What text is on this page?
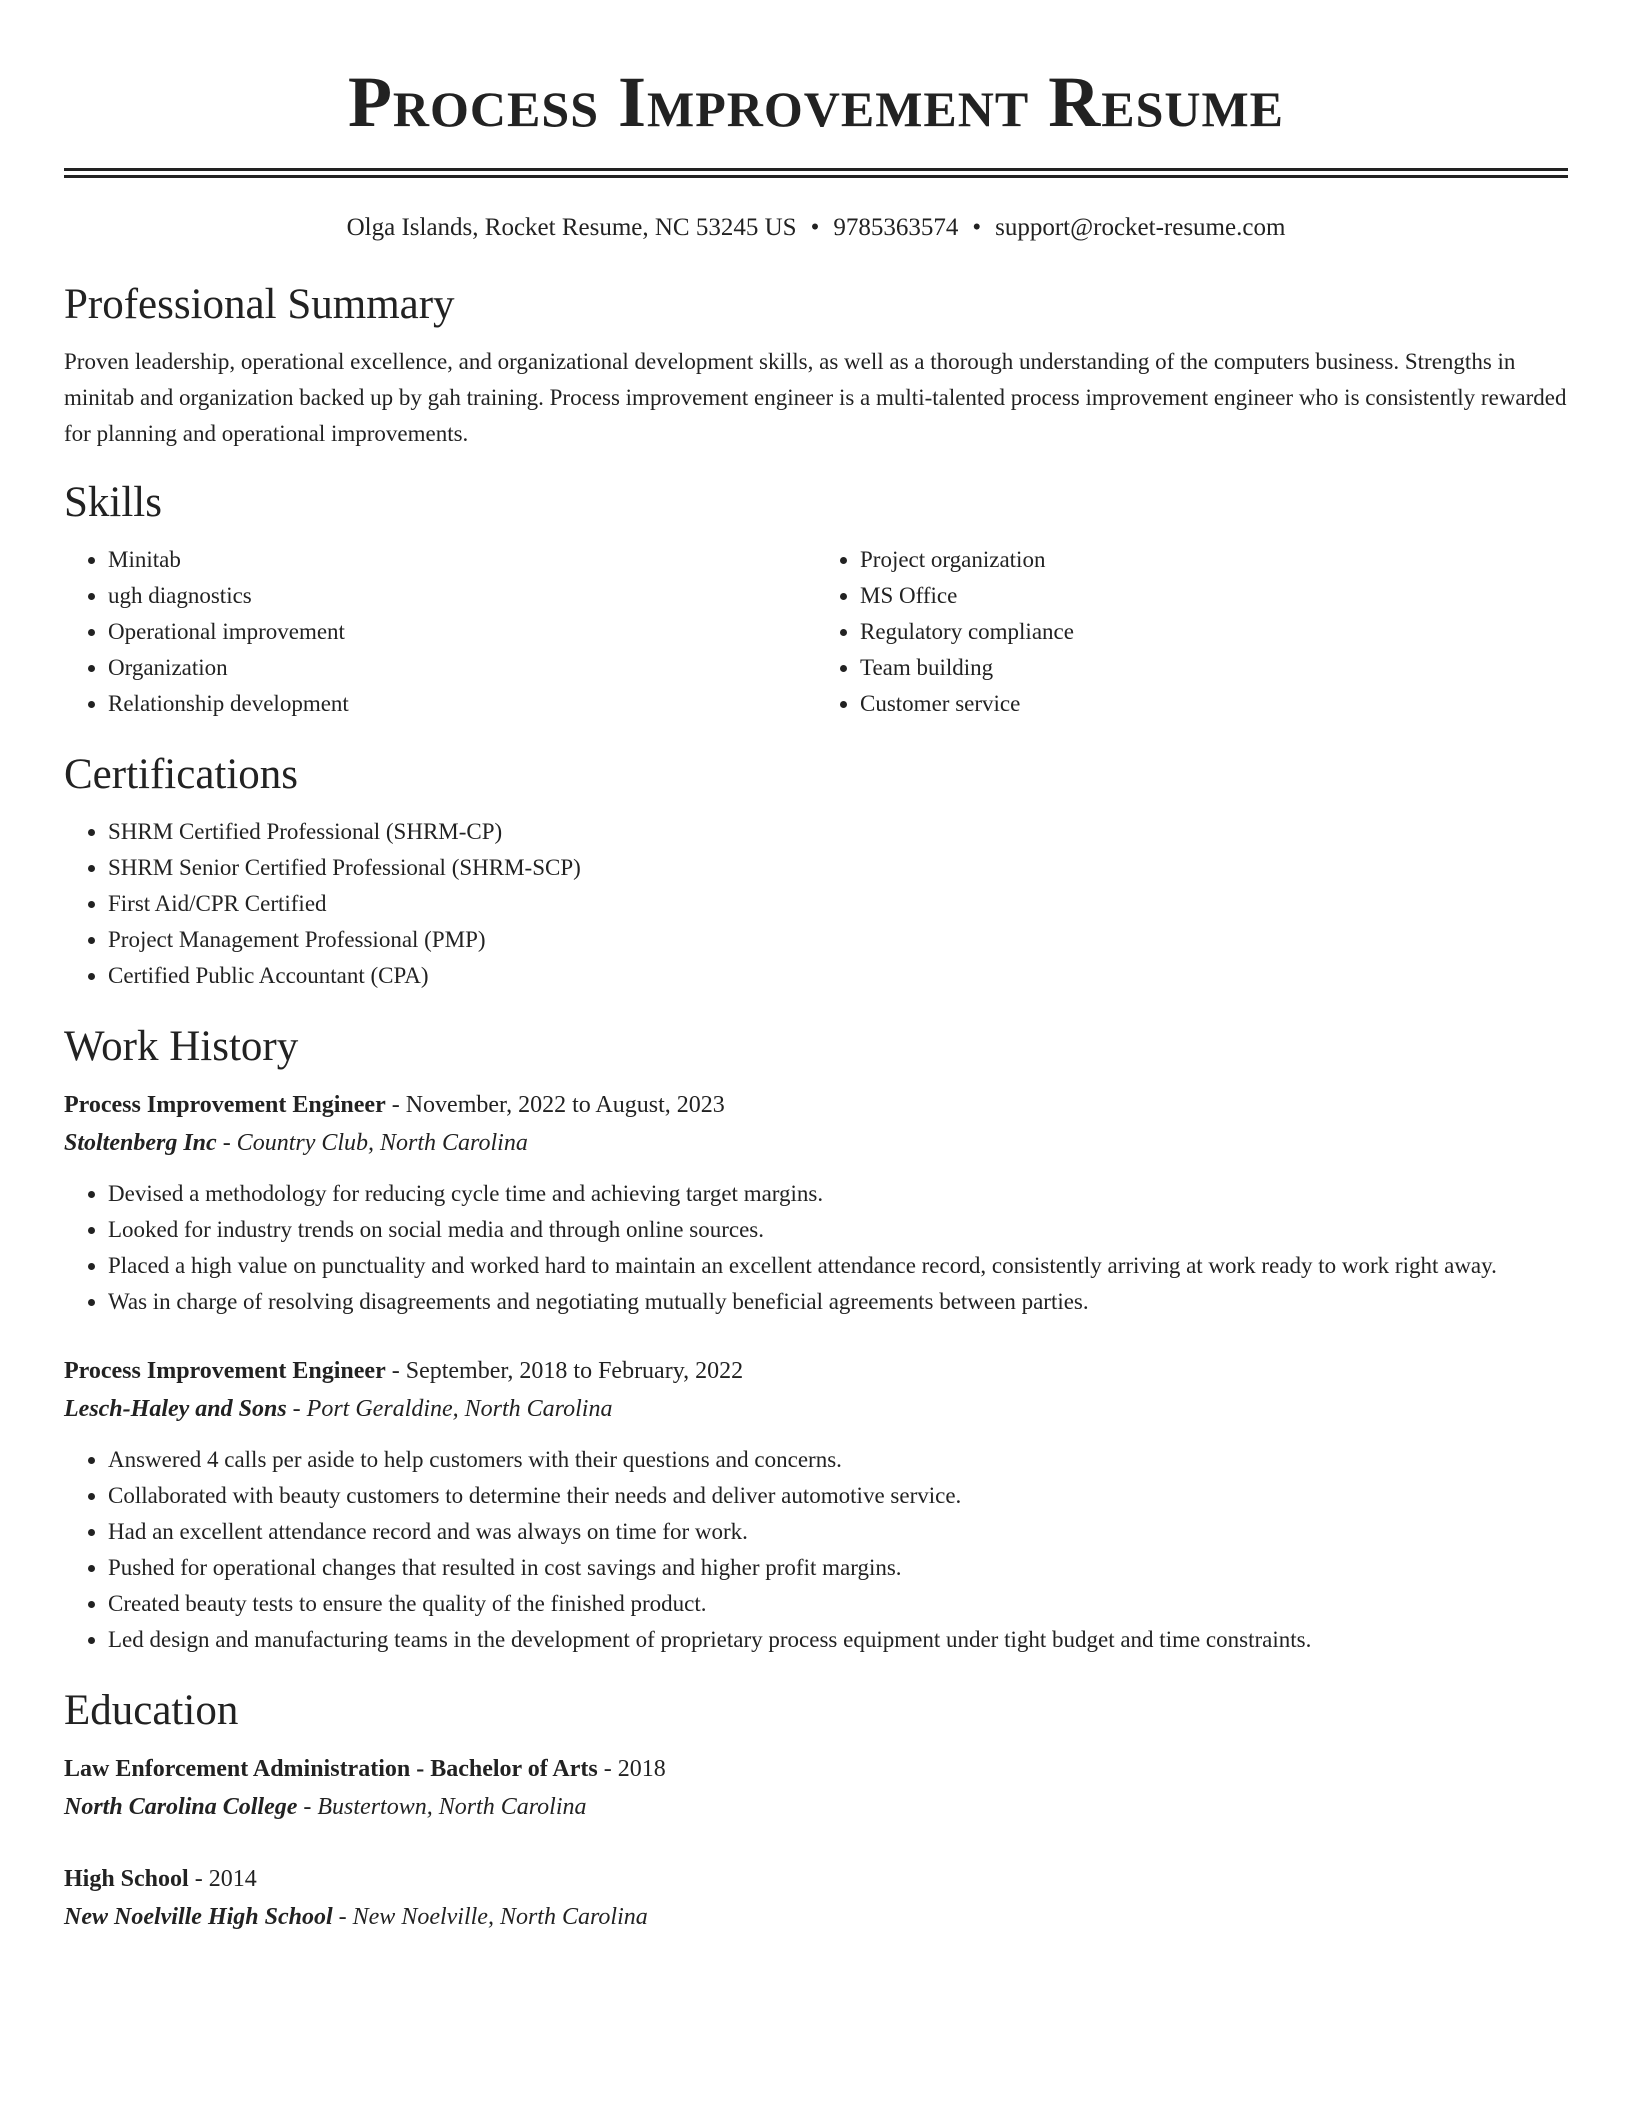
Process Improvement Resume
Olga Islands, Rocket Resume, NC 53245 US • 9785363574 • support@rocket-resume.com
Professional Summary

Proven leadership, operational excellence, and organizational development skills, as well as a thorough understanding of the computers business. Strengths in minitab and organization backed up by gah training. Process improvement engineer is a multi-talented process improvement engineer who is consistently rewarded for planning and operational improvements.

Skills
• Minitab
• ugh diagnostics
• Operational improvement
• Organization
• Relationship development
• Project organization
• MS Office
• Regulatory compliance
• Team building
• Customer service
Certifications
• SHRM Certified Professional (SHRM-CP)
• SHRM Senior Certified Professional (SHRM-SCP)
• First Aid/CPR Certified
• Project Management Professional (PMP)
• Certified Public Accountant (CPA)
Work History
Process Improvement Engineer - November, 2022 to August, 2023
Stoltenberg Inc - Country Club, North Carolina
• Devised a methodology for reducing cycle time and achieving target margins.
• Looked for industry trends on social media and through online sources.
• Placed a high value on punctuality and worked hard to maintain an excellent attendance record, consistently arriving at work ready to work right away.
• Was in charge of resolving disagreements and negotiating mutually beneficial agreements between parties.
Process Improvement Engineer - September, 2018 to February, 2022
Lesch-Haley and Sons - Port Geraldine, North Carolina
• Answered 4 calls per aside to help customers with their questions and concerns.
• Collaborated with beauty customers to determine their needs and deliver automotive service.
• Had an excellent attendance record and was always on time for work.
• Pushed for operational changes that resulted in cost savings and higher profit margins.
• Created beauty tests to ensure the quality of the finished product.
• Led design and manufacturing teams in the development of proprietary process equipment under tight budget and time constraints.
Education
Law Enforcement Administration - Bachelor of Arts - 2018
North Carolina College - Bustertown, North Carolina
High School - 2014
New Noelville High School - New Noelville, North Carolina
